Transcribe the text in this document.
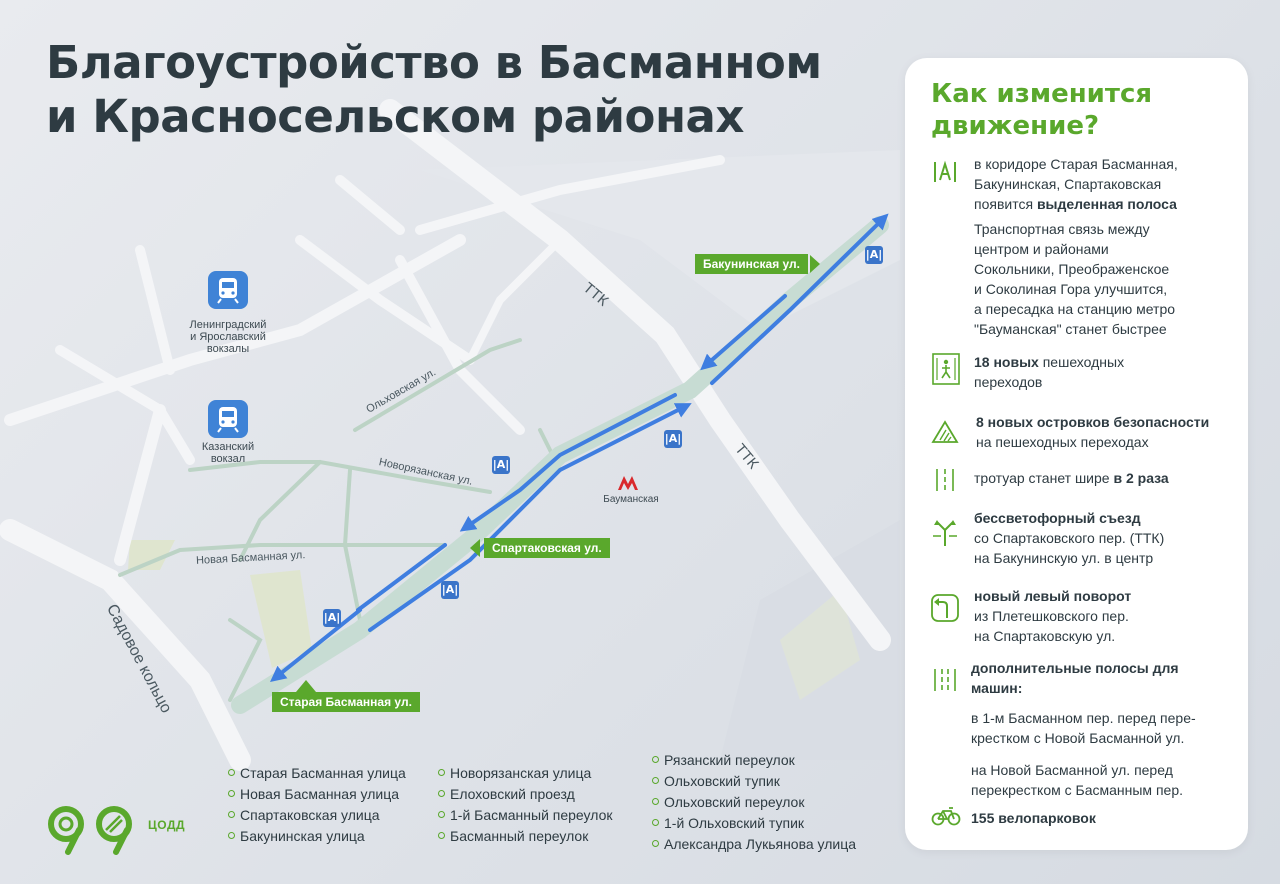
Благоустройство в Басманном
и Красносельском районах
Ленинградский
и Ярославский
вокзалы
Казанский
вокзал
Бауманская
ТТК
ТТК
Садовое кольцо
Ольховская ул.
Новорязанская ул.
Новая Басманная ул.
Бакунинская ул.
Спартаковская ул.
Старая Басманная ул.
|A|
|A|
|A|
|A|
|A|
Старая Басманная улица
Новая Басманная улица
Спартаковская улица
Бакунинская улица
Новорязанская улица
Елоховский проезд
1-й Басманный переулок
Басманный переулок
Рязанский переулок
Ольховский тупик
Ольховский переулок
1-й Ольховский тупик
Александра Лукьянова улица
ЦОДД
Как изменится
движение?
в коридоре Старая Басманная,
Бакунинская, Спартаковская
появится выделенная полоса
Транспортная связь между
центром и районами
Сокольники, Преображенское
и Соколиная Гора улучшится,
а пересадка на станцию метро
"Бауманская" станет быстрее
18 новых пешеходных
переходов
8 новых островков безопасности
на пешеходных переходах
тротуар станет шире в 2 раза
бессветофорный съезд
со Спартаковского пер. (ТТК)
на Бакунинскую ул. в центр
новый левый поворот
из Плетешковского пер.
на Спартаковскую ул.
дополнительные полосы для
машин:
в 1-м Басманном пер. перед пере-
крестком с Новой Басманной ул.
на Новой Басманной ул. перед
перекрестком с Басманным пер.
155 велопарковок
